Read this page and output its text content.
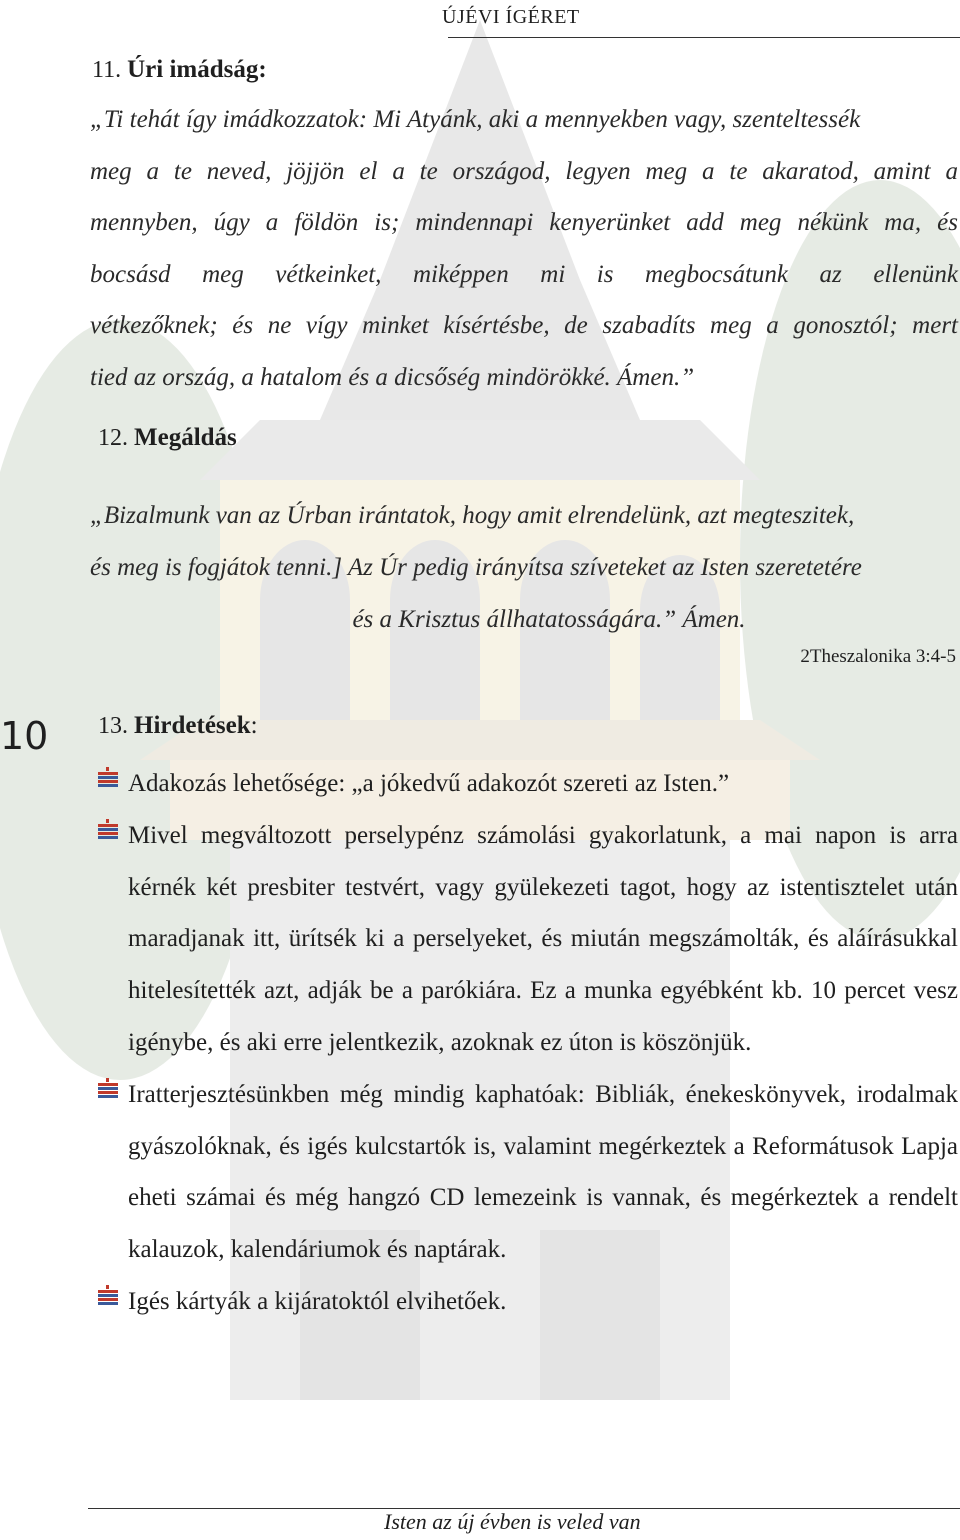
ÚJÉVI ÍGÉRET
11. Úri imádság:

„Ti tehát így imádkozzatok: Mi Atyánk, aki a mennyekben vagy, szenteltessék

meg a te neved, jöjjön el a te országod, legyen meg a te akaratod, amint a

mennyben, úgy a földön is; mindennapi kenyerünket add meg nékünk ma, és

bocsásd meg vétkeinket, miképpen mi is megbocsátunk az ellenünk

vétkezőknek; és ne vígy minket kísértésbe, de szabadíts meg a gonosztól; mert

tied az ország, a hatalom és a dicsőség mindörökké. Ámen.”

12. Megáldás
„Bizalmunk van az Úrban irántatok, hogy amit elrendelünk, azt megteszitek,
és meg is fogjátok tenni.] Az Úr pedig irányítsa szíveteket az Isten szeretetére
és a Krisztus állhatatosságára.” Ámen.
2Theszalonika 3:4-5
10 13. Hirdetések:
Adakozás lehetősége: „a jókedvű adakozót szereti az Isten.”
Mivel megváltozott perselypénz számolási gyakorlatunk, a mai napon is arra kérnék két presbiter testvért, vagy gyülekezeti tagot, hogy az istentisztelet után maradjanak itt, ürítsék ki a perselyeket, és miután megszámolták, és aláírásukkal hitelesítették azt, adják be a parókiára. Ez a munka egyébként kb. 10 percet vesz igénybe, és aki erre jelentkezik, azoknak ez úton is köszönjük.
Iratterjesztésünkben még mindig kaphatóak: Bibliák, énekeskönyvek, irodalmak gyászolóknak, és igés kulcstartók is, valamint megérkeztek a Reformátusok Lapja eheti számai és még hangzó CD lemezeink is vannak, és megérkeztek a rendelt kalauzok, kalendáriumok és naptárak.
Igés kártyák a kijáratoktól elvihetőek.
Isten az új évben is veled van
